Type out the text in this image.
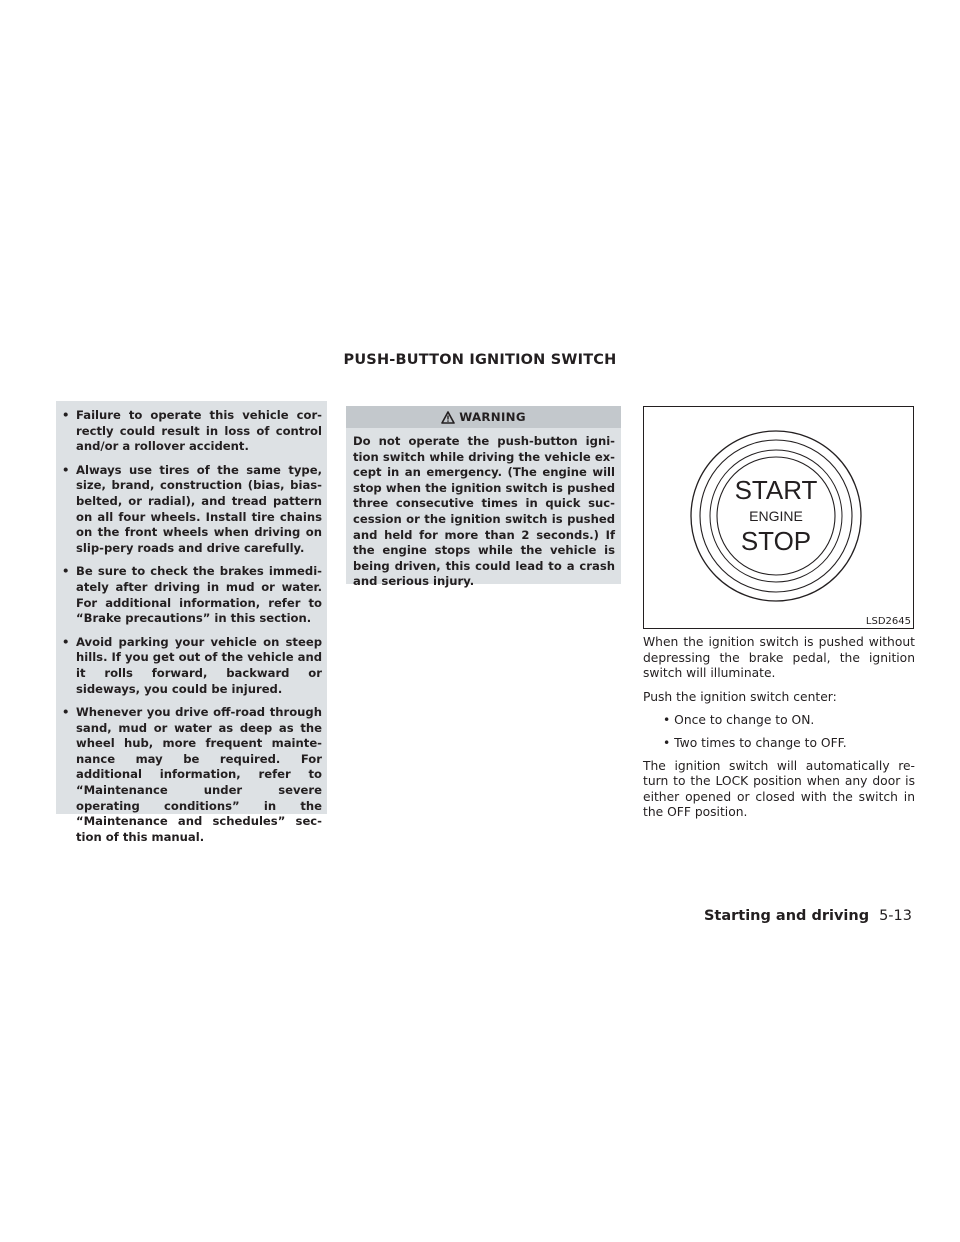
PUSH-BUTTON IGNITION SWITCH
• Failure to operate this vehicle cor-rectly could result in loss of control and/or a rollover accident.
• Always use tires of the same type, size, brand, construction (bias, bias-belted, or radial), and tread pattern on all four wheels. Install tire chains on the front wheels when driving on slip-pery roads and drive carefully.
• Be sure to check the brakes immedi-ately after driving in mud or water. For additional information, refer to “Brake precautions” in this section.
• Avoid parking your vehicle on steep hills. If you get out of the vehicle and it rolls forward, backward or sideways, you could be injured.
• Whenever you drive off-road through sand, mud or water as deep as the wheel hub, more frequent mainte-nance may be required. For additional information, refer to “Maintenance under severe operating conditions” in the “Maintenance and schedules” sec-tion of this manual.
WARNING
Do not operate the push-button igni-tion switch while driving the vehicle ex-cept in an emergency. (The engine will stop when the ignition switch is pushed three consecutive times in quick suc-cession or the ignition switch is pushed and held for more than 2 seconds.) If the engine stops while the vehicle is being driven, this could lead to a crash and serious injury.
START
ENGINE
STOP
LSD2645

When the ignition switch is pushed without depressing the brake pedal, the ignition switch will illuminate.

Push the ignition switch center:

• Once to change to ON.

• Two times to change to OFF.

The ignition switch will automatically re-turn to the LOCK position when any door is either opened or closed with the switch in the OFF position.

Starting and driving 5-13
